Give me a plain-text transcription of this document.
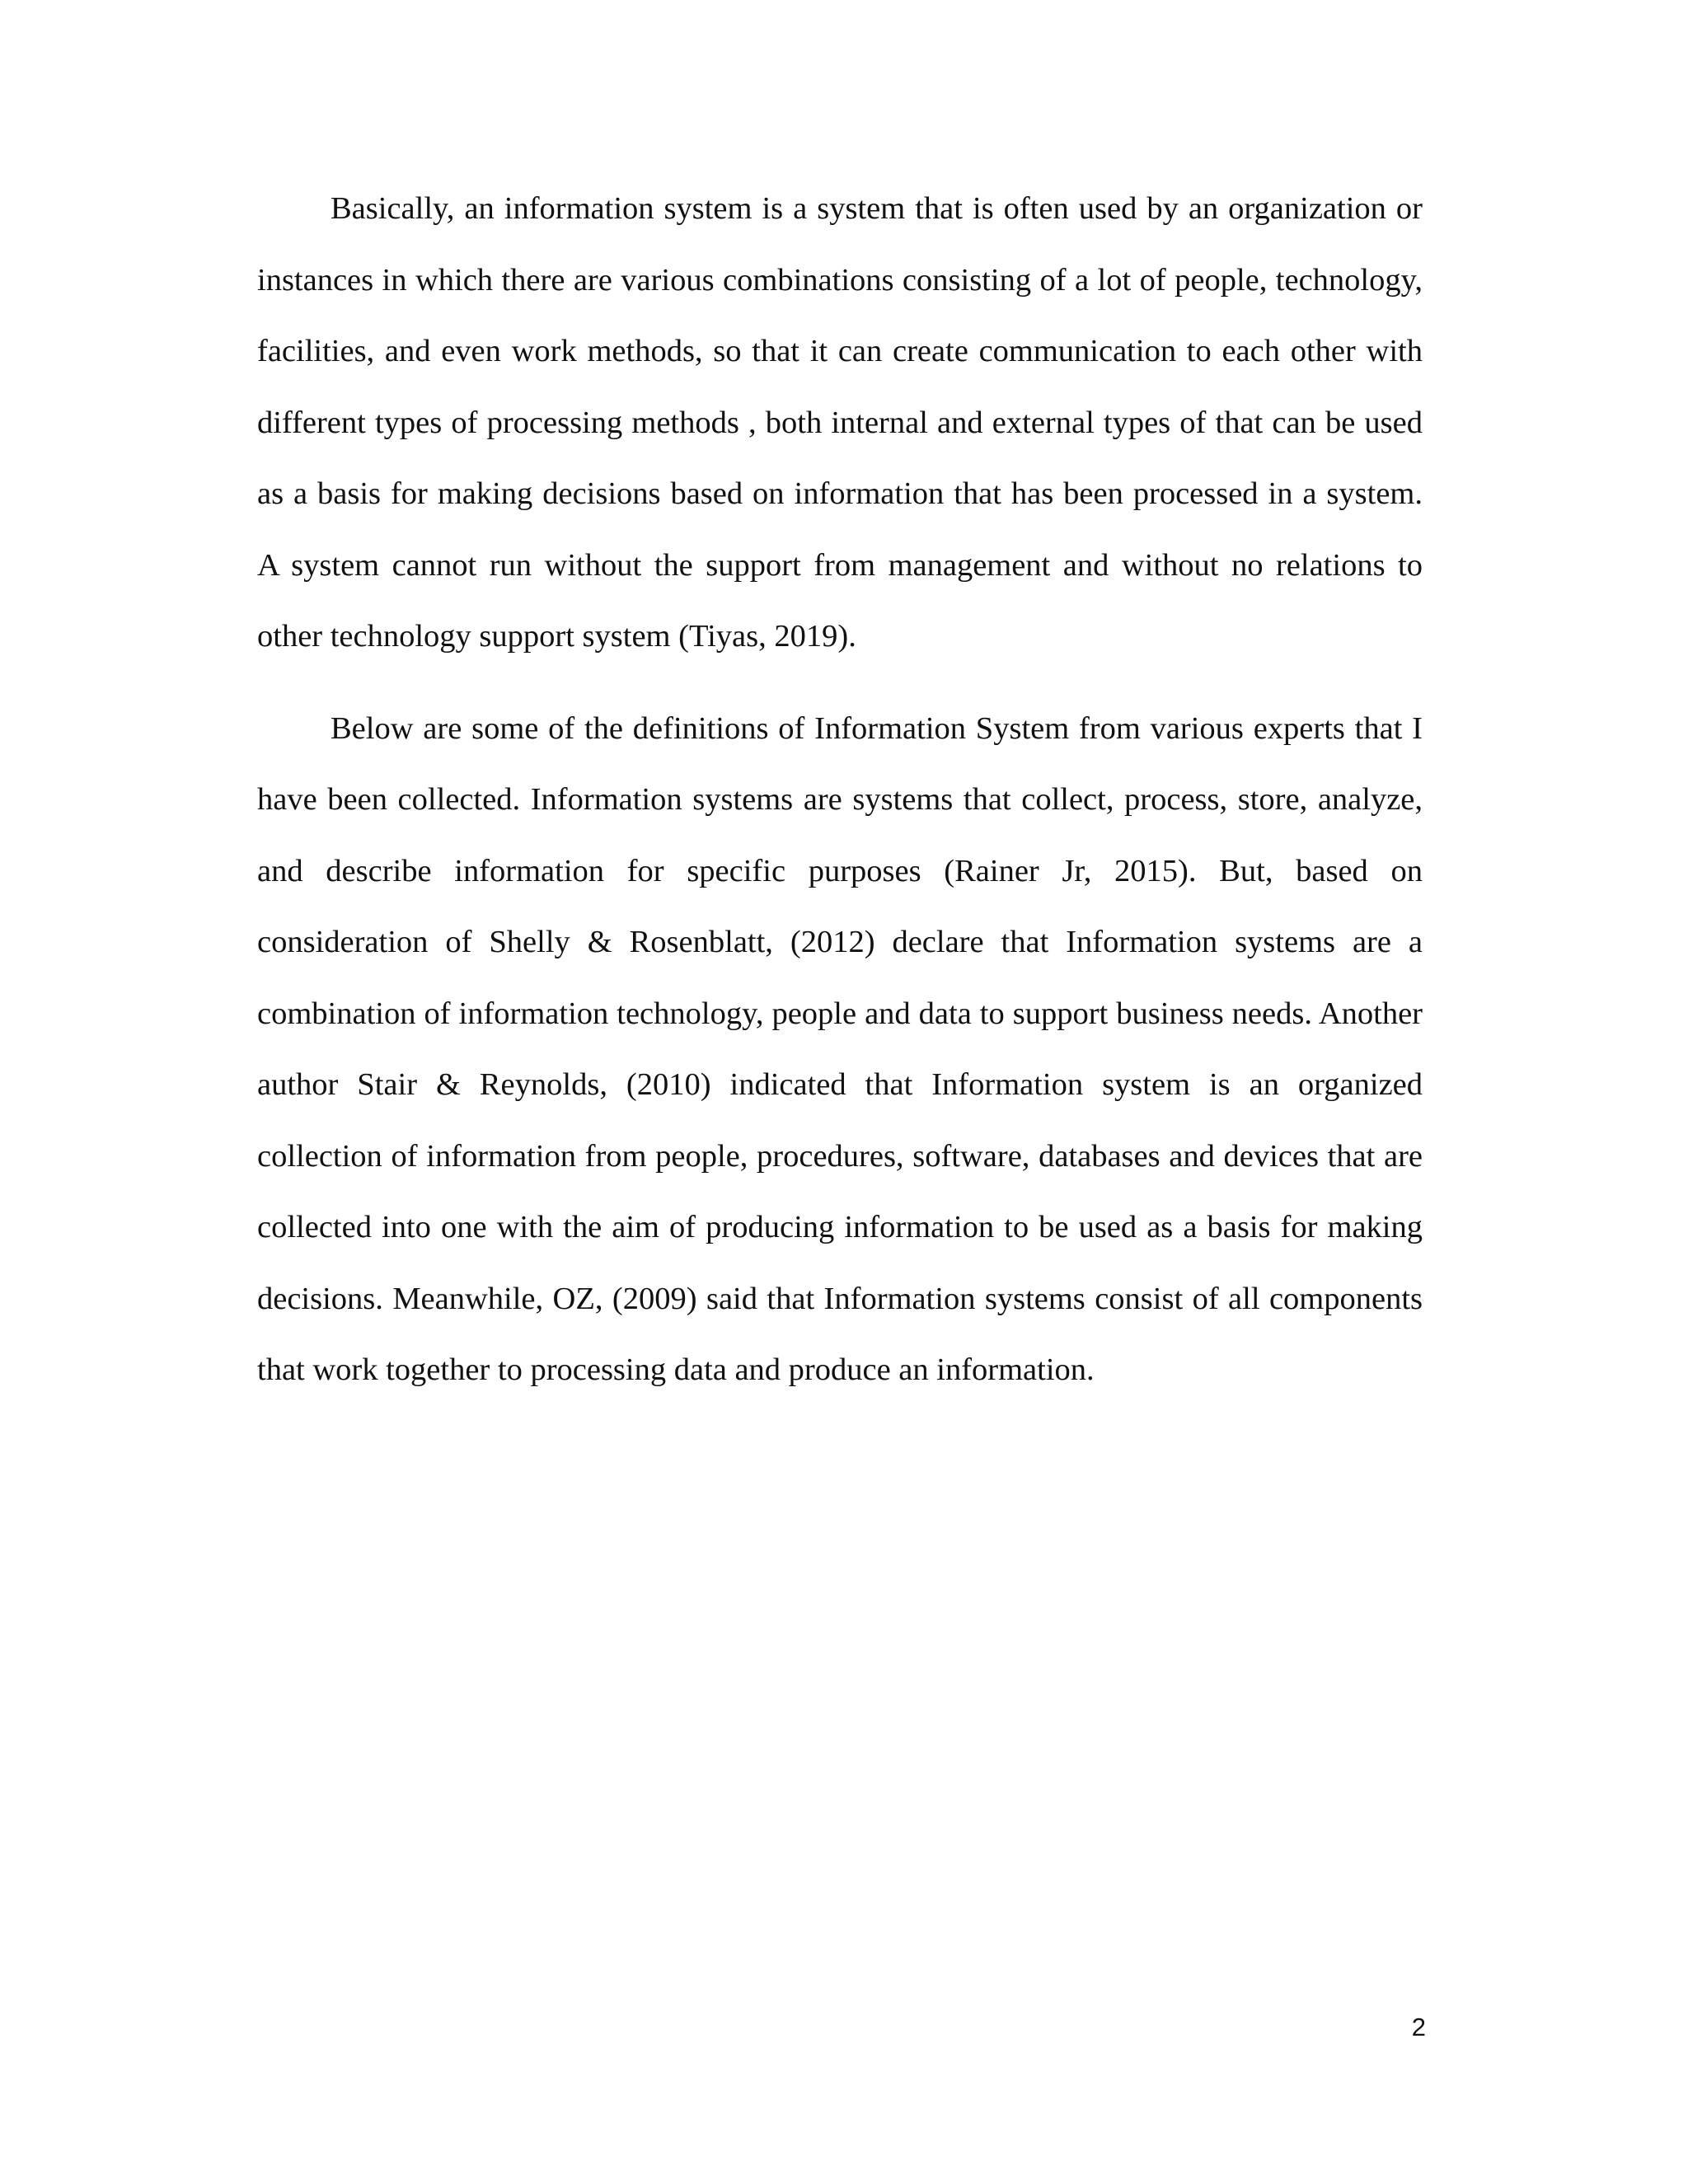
Basically, an information system is a system that is often used by an organization or instances in which there are various combinations consisting of a lot of people, technology, facilities, and even work methods, so that it can create communication to each other with different types of processing methods , both internal and external types of that can be used as a basis for making decisions based on information that has been processed in a system. A system cannot run without the support from management and without no relations to other technology support system (Tiyas, 2019).

Below are some of the definitions of Information System from various experts that I have been collected. Information systems are systems that collect, process, store, analyze, and describe information for specific purposes (Rainer Jr, 2015). But, based on consideration of Shelly & Rosenblatt, (2012) declare that Information systems are a combination of information technology, people and data to support business needs. Another author Stair & Reynolds, (2010) indicated that Information system is an organized collection of information from people, procedures, software, databases and devices that are collected into one with the aim of producing information to be used as a basis for making decisions. Meanwhile, OZ, (2009) said that Information systems consist of all components that work together to processing data and produce an information.

2
